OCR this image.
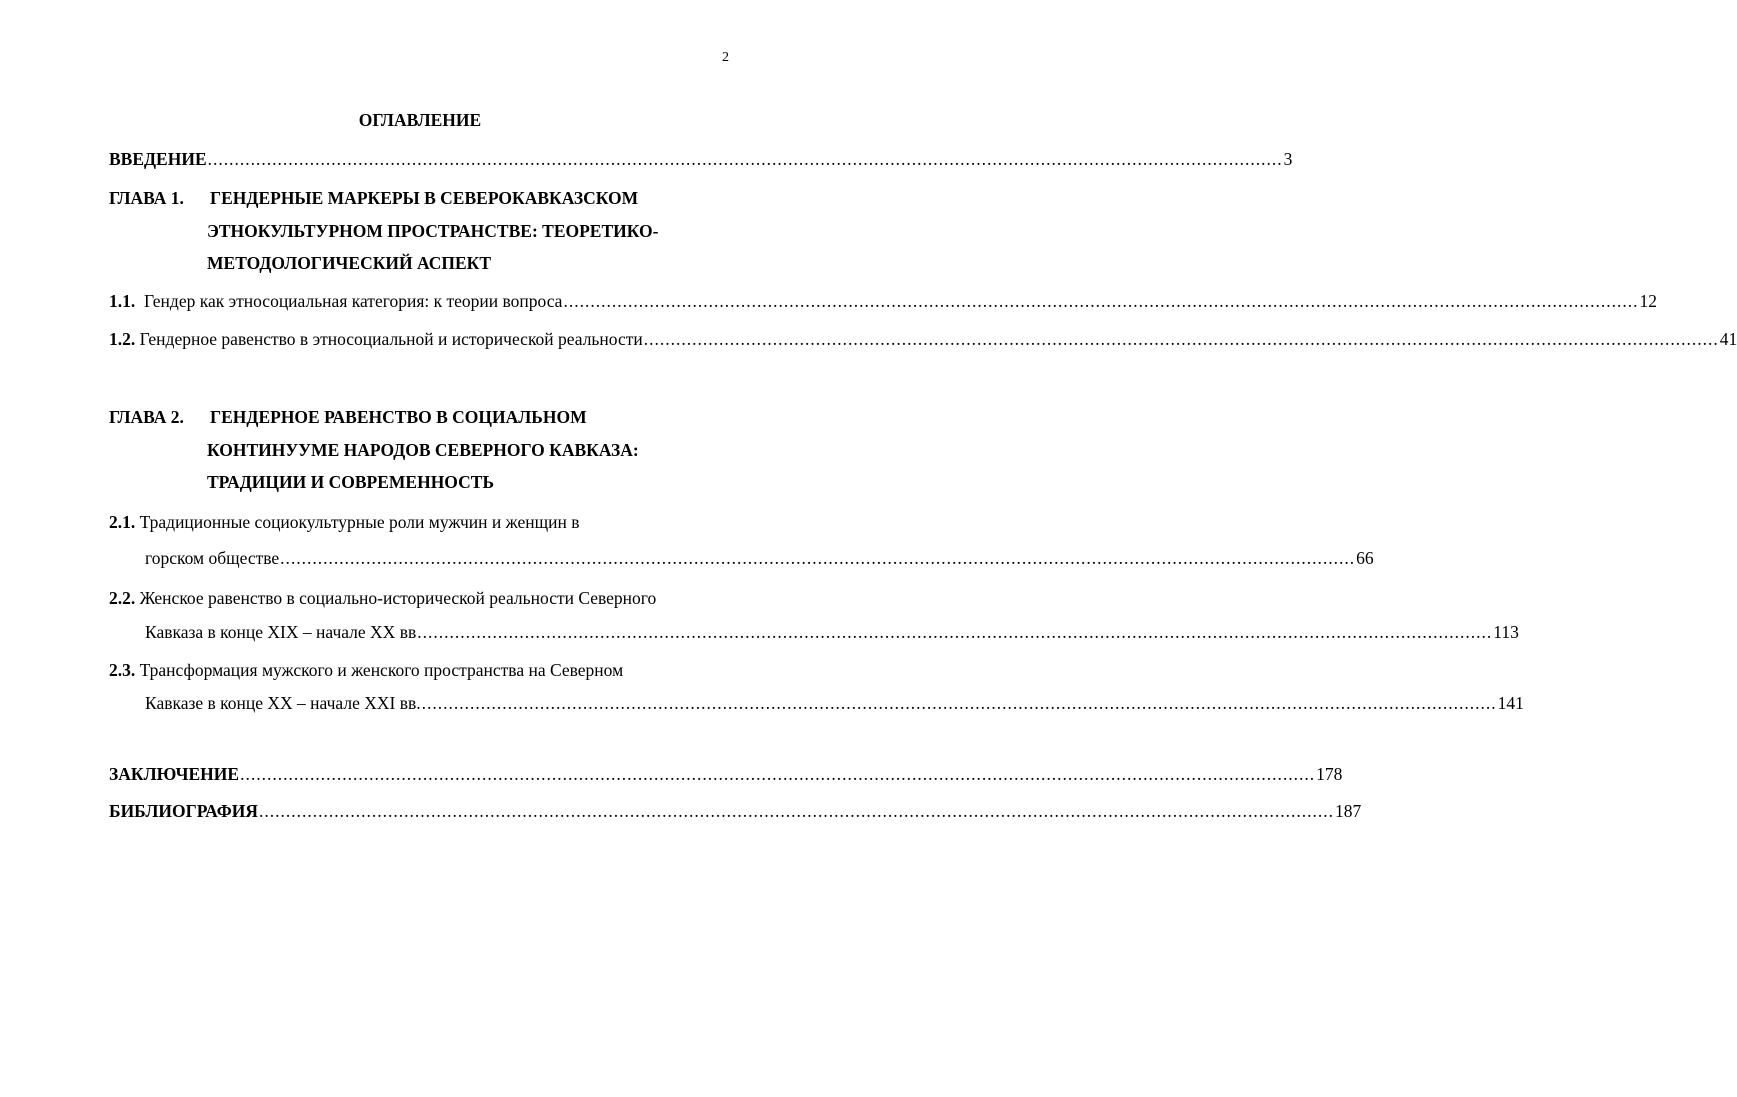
2
ОГЛАВЛЕНИЕ
ВВЕДЕНИЕ ........................................................................................................................................................................................................ 3
ГЛАВА 1. ГЕНДЕРНЫЕ МАРКЕРЫ В СЕВЕРОКАВКАЗСКОМ
ЭТНОКУЛЬТУРНОМ ПРОСТРАНСТВЕ: ТЕОРЕТИКО-
МЕТОДОЛОГИЧЕСКИЙ АСПЕКТ
1.1. Гендер как этносоциальная категория: к теории вопроса ........................................................................................................................................................................................................ 12
1.2. Гендерное равенство в этносоциальной и исторической реальности ........................................................................................................................................................................................................ 41
ГЛАВА 2. ГЕНДЕРНОЕ РАВЕНСТВО В СОЦИАЛЬНОМ
КОНТИНУУМЕ НАРОДОВ СЕВЕРНОГО КАВКАЗА:
ТРАДИЦИИ И СОВРЕМЕННОСТЬ
2.1. Традиционные социокультурные роли мужчин и женщин в
горском обществе ........................................................................................................................................................................................................ 66
2.2. Женское равенство в социально-исторической реальности Северного
Кавказа в конце XIX – начале XX вв ........................................................................................................................................................................................................ 113
2.3. Трансформация мужского и женского пространства на Северном
Кавказе в конце XX – начале XXI вв. ........................................................................................................................................................................................................ 141
ЗАКЛЮЧЕНИЕ ........................................................................................................................................................................................................ 178
БИБЛИОГРАФИЯ ........................................................................................................................................................................................................ 187
